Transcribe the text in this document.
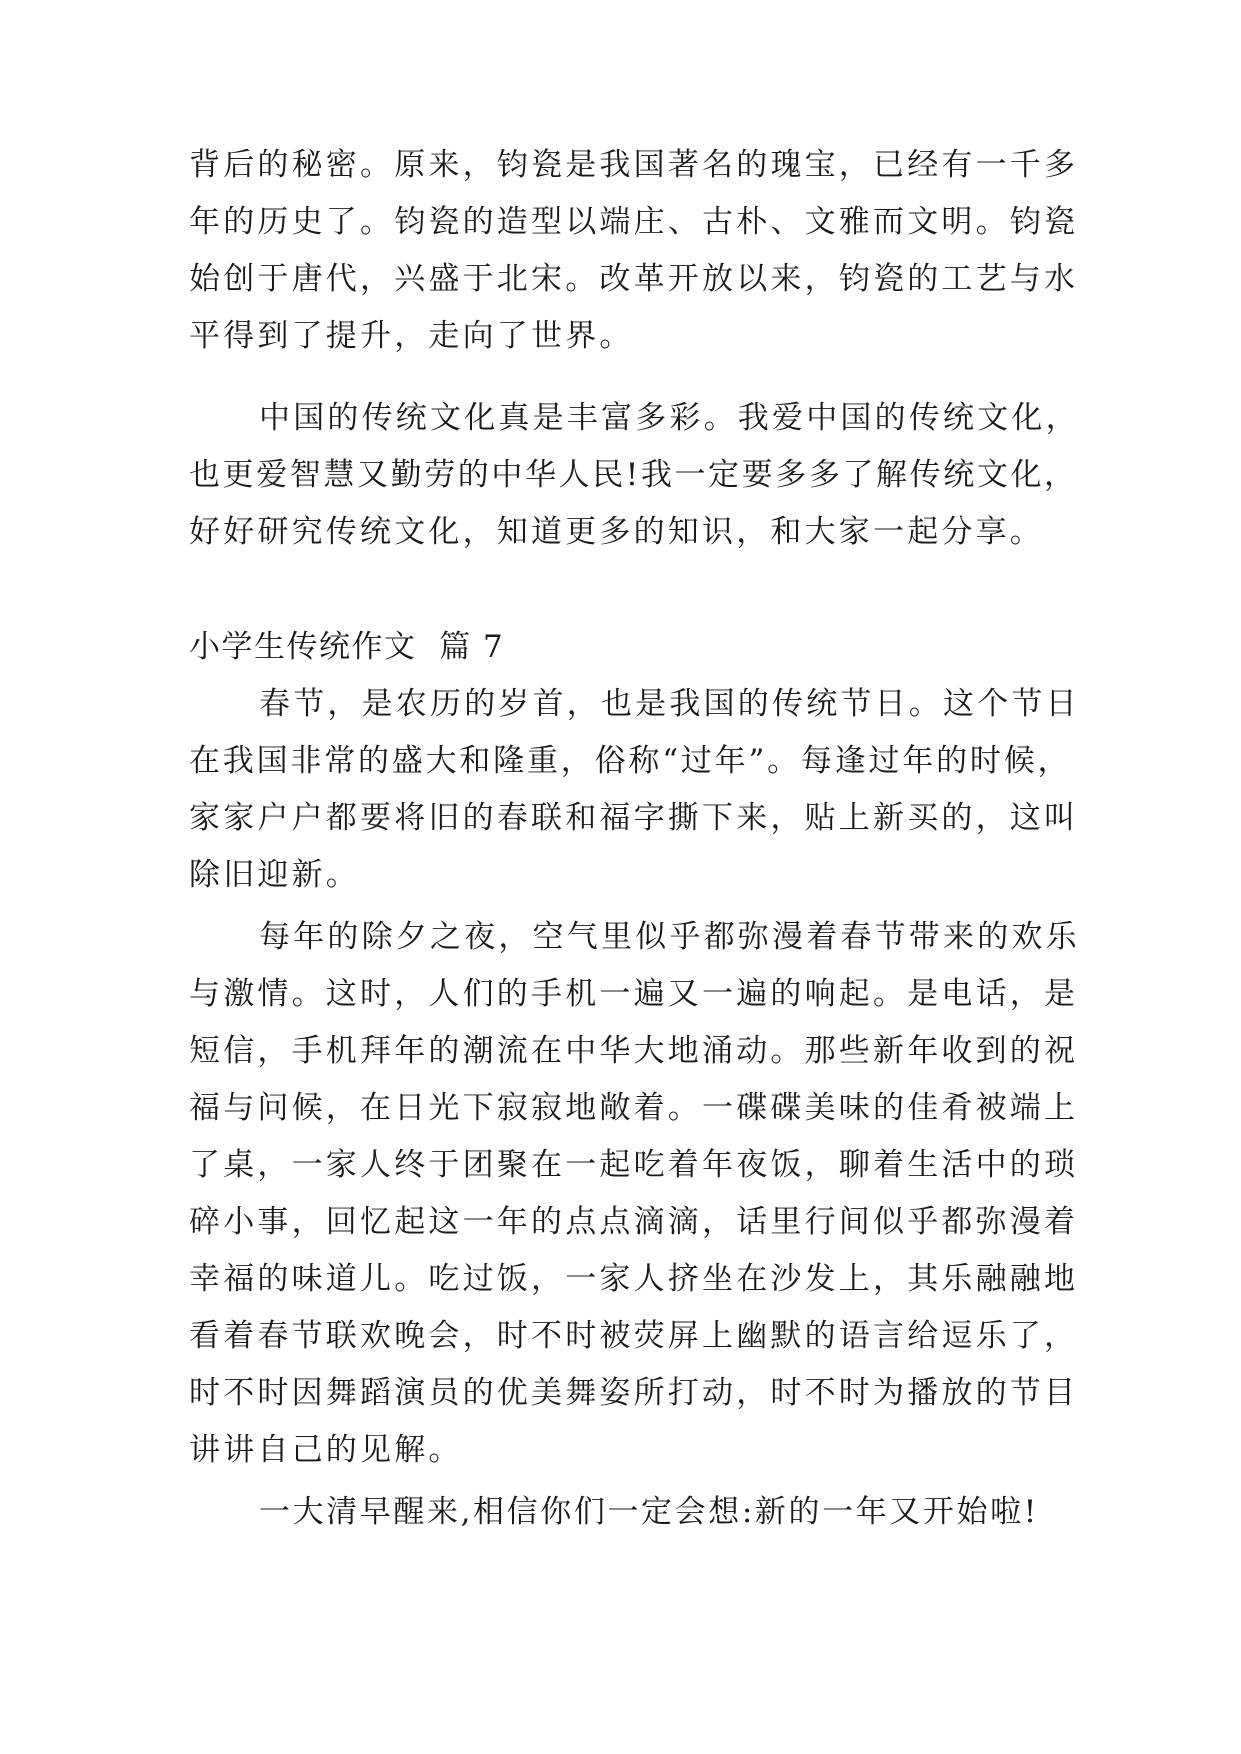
背后的秘密。原来，钧瓷是我国著名的瑰宝，已经有一千多
年的历史了。钧瓷的造型以端庄、古朴、文雅而文明。钧瓷
始创于唐代，兴盛于北宋。改革开放以来，钧瓷的工艺与水
平得到了提升，走向了世界。
中国的传统文化真是丰富多彩。我爱中国的传统文化，
也更爱智慧又勤劳的中华人民!我一定要多多了解传统文化，
好好研究传统文化，知道更多的知识，和大家一起分享。
小学生传统作文  篇 7
春节，是农历的岁首，也是我国的传统节日。这个节日
在我国非常的盛大和隆重，俗称“过年”。每逢过年的时候，
家家户户都要将旧的春联和福字撕下来，贴上新买的，这叫
除旧迎新。
每年的除夕之夜，空气里似乎都弥漫着春节带来的欢乐
与激情。这时，人们的手机一遍又一遍的响起。是电话，是
短信，手机拜年的潮流在中华大地涌动。那些新年收到的祝
福与问候，在日光下寂寂地敞着。一碟碟美味的佳肴被端上
了桌，一家人终于团聚在一起吃着年夜饭，聊着生活中的琐
碎小事，回忆起这一年的点点滴滴，话里行间似乎都弥漫着
幸福的味道儿。吃过饭，一家人挤坐在沙发上，其乐融融地
看着春节联欢晚会，时不时被荧屏上幽默的语言给逗乐了，
时不时因舞蹈演员的优美舞姿所打动，时不时为播放的节目
讲讲自己的见解。
一大清早醒来,相信你们一定会想:新的一年又开始啦!
